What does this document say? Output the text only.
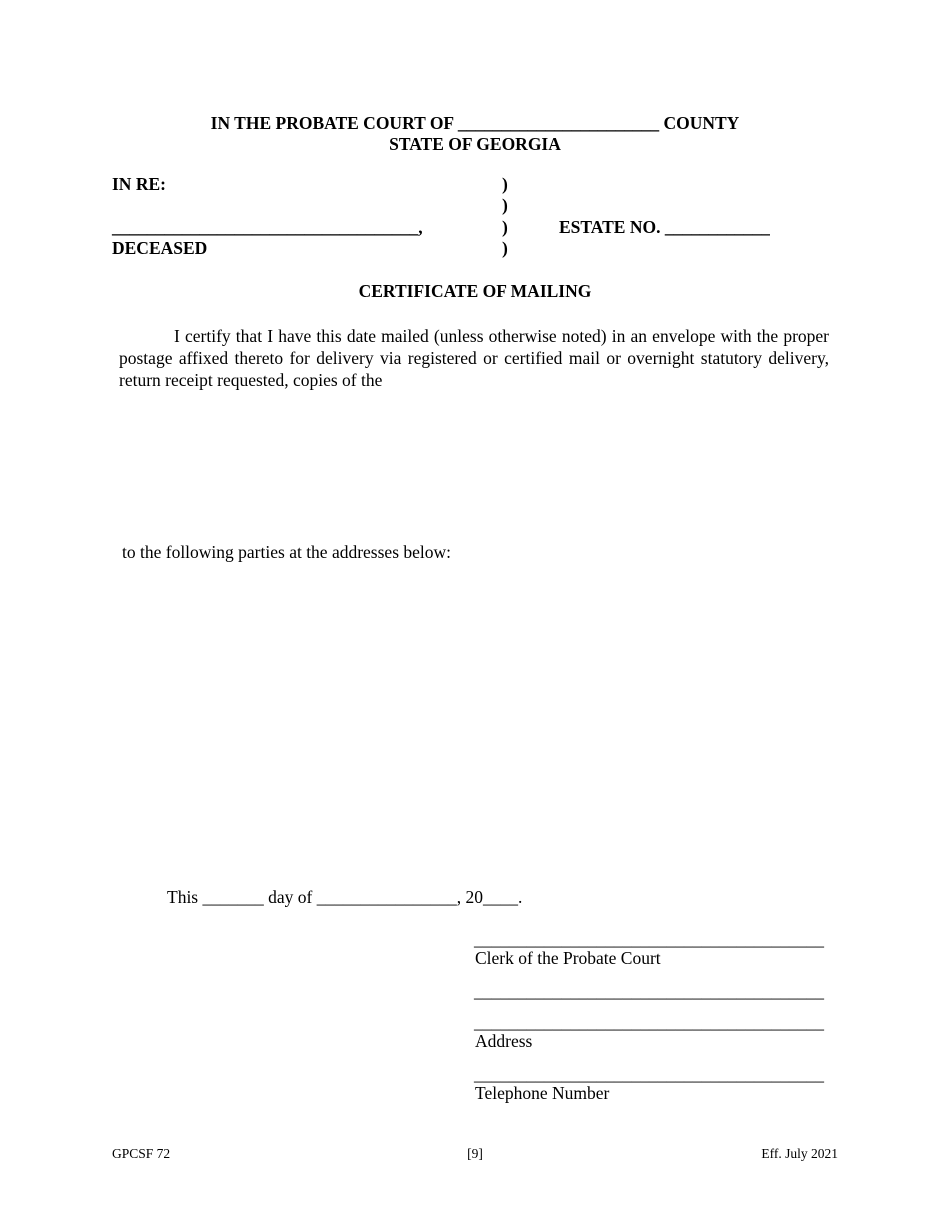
IN THE PROBATE COURT OF _______________________ COUNTY
STATE OF GEORGIA
IN RE:
___________________________________,
DECEASED
)
)
)
)
ESTATE NO. ____________
CERTIFICATE OF MAILING
I certify that I have this date mailed (unless otherwise noted) in an envelope with the proper postage affixed thereto for delivery via registered or certified mail or overnight statutory delivery, return receipt requested, copies of the
to the following parties at the addresses below:
This _______ day of ________________, 20____.
________________________________________
Clerk of the Probate Court
________________________________________
________________________________________
Address
________________________________________
Telephone Number
GPCSF 72	[9]	Eff. July 2021
